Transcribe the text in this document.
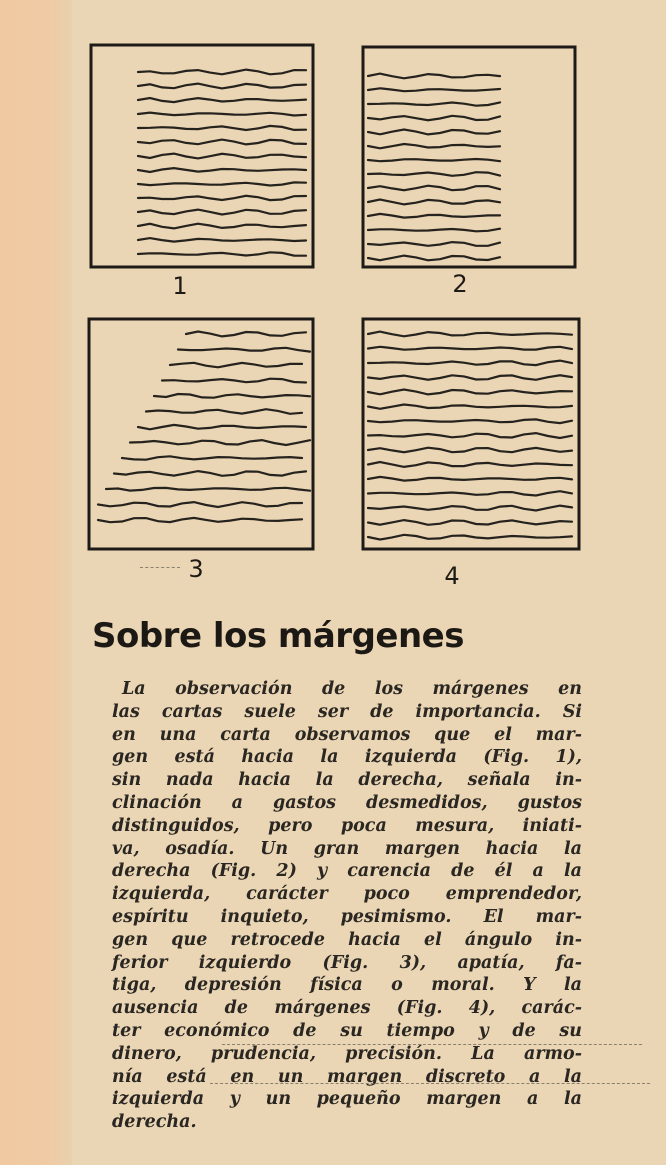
1	2
3	4
Sobre los márgenes

La observación de los márgenes en
las cartas suele ser de importancia. Si
en una carta observamos que el mar-
gen está hacia la izquierda (Fig. 1),
sin nada hacia la derecha, señala in-
clinación a gastos desmedidos, gustos
distinguidos, pero poca mesura, iniati-
va, osadía. Un gran margen hacia la
derecha (Fig. 2) y carencia de él a la
izquierda, carácter poco emprendedor,
espíritu inquieto, pesimismo. El mar-
gen que retrocede hacia el ángulo in-
ferior izquierdo (Fig. 3), apatía, fa-
tiga, depresión física o moral. Y la
ausencia de márgenes (Fig. 4), carác-
ter económico de su tiempo y de su
dinero, prudencia, precisión. La armo-
nía está en un margen discreto a la
izquierda y un pequeño margen a la
derecha.
